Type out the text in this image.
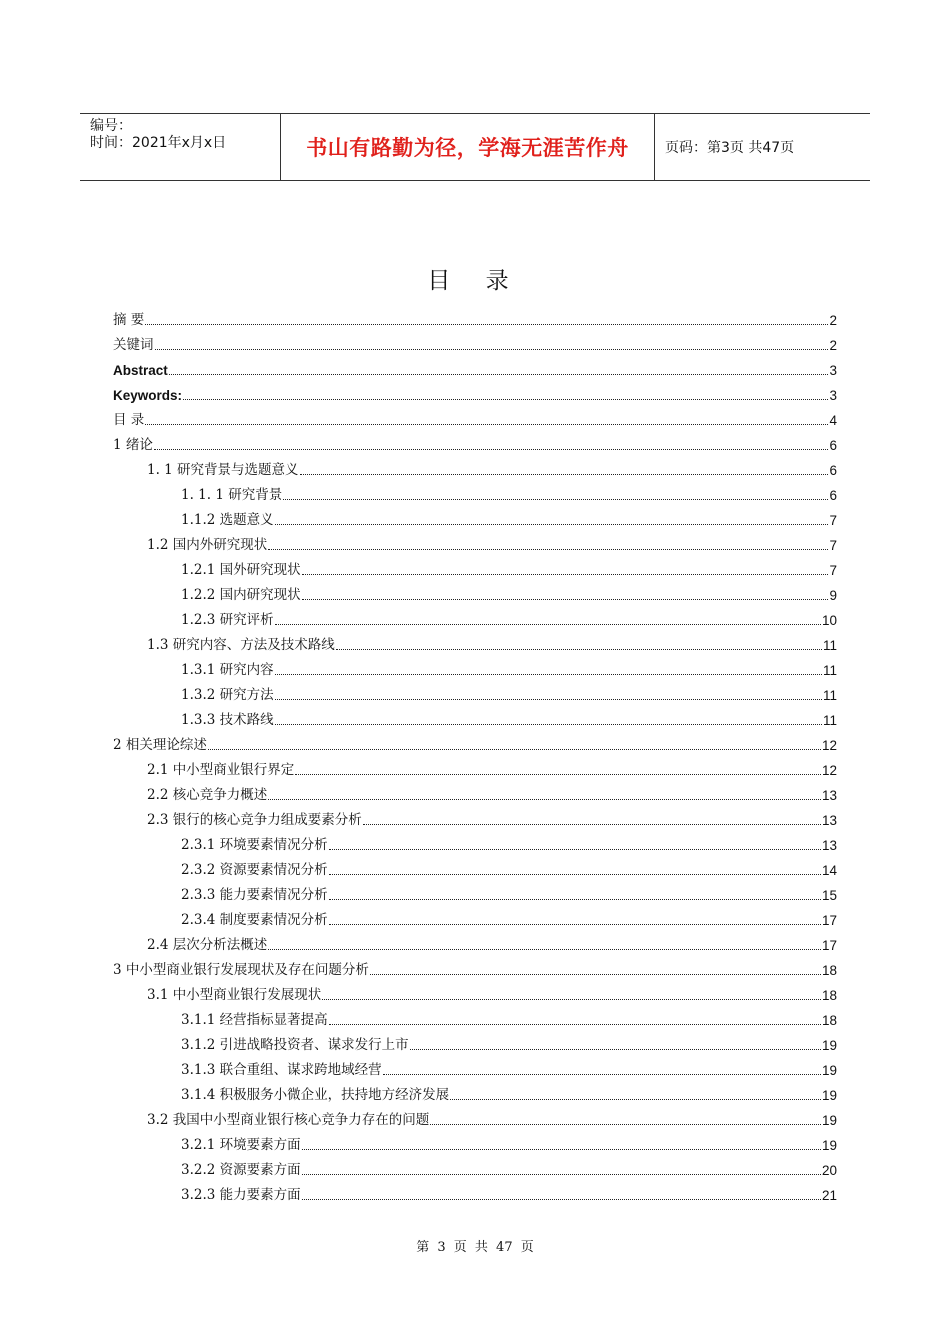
编号：
时间：2021年x月x日	书山有路勤为径，学海无涯苦作舟	页码：第3页 共47页
目 录
摘 要	2
关键词	2
Abstract	3
Keywords:	3
目 录	4
1 绪论	6
1. 1 研究背景与选题意义	6
1. 1. 1 研究背景	6
1.1.2 选题意义	7
1.2 国内外研究现状	7
1.2.1 国外研究现状	7
1.2.2 国内研究现状	9
1.2.3 研究评析	10
1.3 研究内容、方法及技术路线	11
1.3.1 研究内容	11
1.3.2 研究方法	11
1.3.3 技术路线	11
2 相关理论综述	12
2.1 中小型商业银行界定	12
2.2 核心竞争力概述	13
2.3 银行的核心竞争力组成要素分析	13
2.3.1 环境要素情况分析	13
2.3.2 资源要素情况分析	14
2.3.3 能力要素情况分析	15
2.3.4 制度要素情况分析	17
2.4 层次分析法概述	17
3 中小型商业银行发展现状及存在问题分析	18
3.1 中小型商业银行发展现状	18
3.1.1 经营指标显著提高	18
3.1.2 引进战略投资者、谋求发行上市	19
3.1.3 联合重组、谋求跨地域经营	19
3.1.4 积极服务小微企业，扶持地方经济发展	19
3.2 我国中小型商业银行核心竞争力存在的问题	19
3.2.1 环境要素方面	19
3.2.2 资源要素方面	20
3.2.3 能力要素方面	21
第 3 页 共 47 页
